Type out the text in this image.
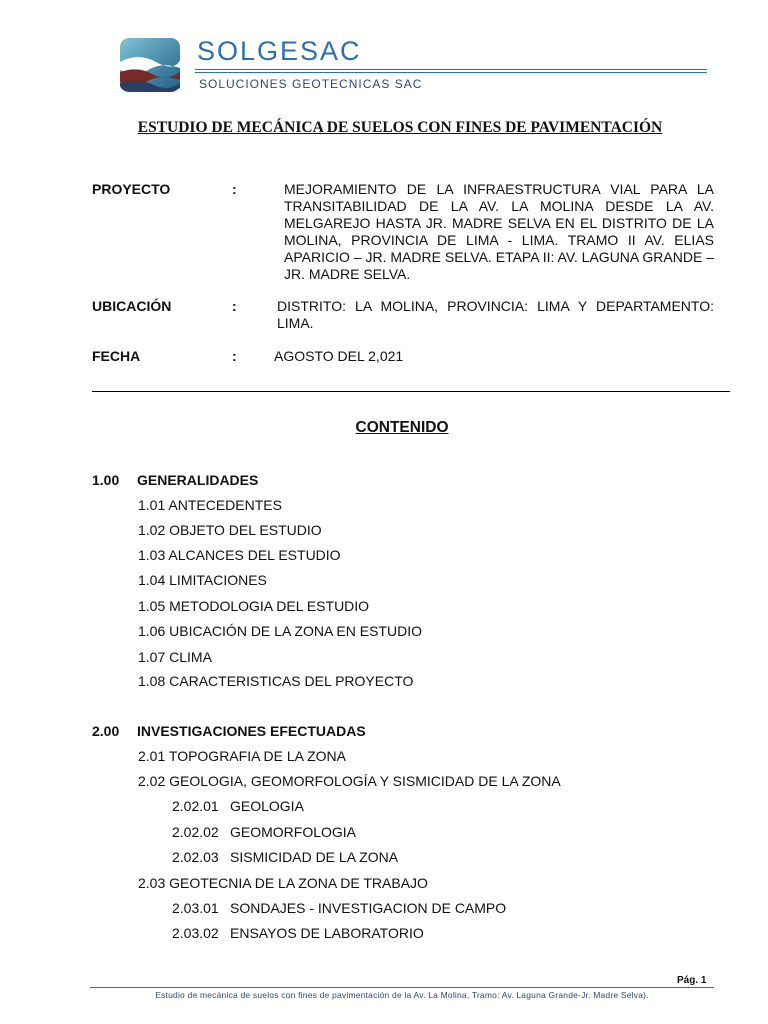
SOLGESAC
SOLUCIONES GEOTECNICAS SAC
ESTUDIO DE MECÁNICA DE SUELOS CON FINES DE PAVIMENTACIÓN
PROYECTO	:	MEJORAMIENTO DE LA INFRAESTRUCTURA VIAL PARA LA TRANSITABILIDAD DE LA AV. LA MOLINA DESDE LA AV. MELGAREJO HASTA JR. MADRE SELVA EN EL DISTRITO DE LA MOLINA, PROVINCIA DE LIMA - LIMA. TRAMO II AV. ELIAS APARICIO – JR. MADRE SELVA. ETAPA II: AV. LAGUNA GRANDE – JR. MADRE SELVA.
UBICACIÓN	:	DISTRITO: LA MOLINA, PROVINCIA: LIMA Y DEPARTAMENTO: LIMA.
FECHA	:	AGOSTO DEL 2,021
CONTENIDO
1.00 GENERALIDADES
1.01 ANTECEDENTES
1.02 OBJETO DEL ESTUDIO
1.03 ALCANCES DEL ESTUDIO
1.04 LIMITACIONES
1.05 METODOLOGIA DEL ESTUDIO
1.06 UBICACIÓN DE LA ZONA EN ESTUDIO
1.07 CLIMA
1.08 CARACTERISTICAS DEL PROYECTO
2.00 INVESTIGACIONES EFECTUADAS
2.01 TOPOGRAFIA DE LA ZONA
2.02 GEOLOGIA, GEOMORFOLOGÍA Y SISMICIDAD DE LA ZONA
2.02.01 GEOLOGIA
2.02.02 GEOMORFOLOGIA
2.02.03 SISMICIDAD DE LA ZONA
2.03 GEOTECNIA DE LA ZONA DE TRABAJO
2.03.01 SONDAJES - INVESTIGACION DE CAMPO
2.03.02 ENSAYOS DE LABORATORIO
Pág. 1
Estudio de mecánica de suelos con fines de pavimentación de la Av. La Molina, Tramo: Av. Laguna Grande-Jr. Madre Selva).
